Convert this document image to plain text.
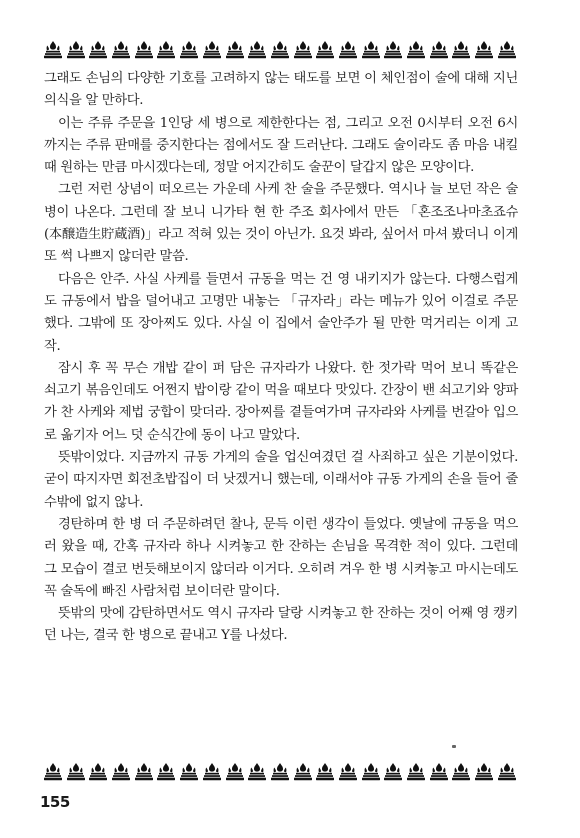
그래도 손님의 다양한 기호를 고려하지 않는 태도를 보면 이 체인점이 술에 대해 지닌 의식을 알 만하다.

이는 주류 주문을 1인당 세 병으로 제한한다는 점, 그리고 오전 0시부터 오전 6시까지는 주류 판매를 중지한다는 점에서도 잘 드러난다. 그래도 술이라도 좀 마음 내킬 때 원하는 만큼 마시겠다는데, 정말 어지간히도 술꾼이 달갑지 않은 모양이다.

그런 저런 상념이 떠오르는 가운데 사케 찬 술을 주문했다. 역시나 늘 보던 작은 술병이 나온다. 그런데 잘 보니 니가타 현 한 주조 회사에서 만든 「혼조조나마초죠슈(本醸造生貯蔵酒)」라고 적혀 있는 것이 아닌가. 요것 봐라, 싶어서 마셔 봤더니 이게 또 썩 나쁘지 않더란 말씀.

다음은 안주. 사실 사케를 들면서 규동을 먹는 건 영 내키지가 않는다. 다행스럽게도 규동에서 밥을 덜어내고 고명만 내놓는 「규자라」라는 메뉴가 있어 이걸로 주문했다. 그밖에 또 장아찌도 있다. 사실 이 집에서 술안주가 될 만한 먹거리는 이게 고작.

잠시 후 꼭 무슨 개밥 같이 퍼 담은 규자라가 나왔다. 한 젓가락 먹어 보니 똑같은 쇠고기 볶음인데도 어쩐지 밥이랑 같이 먹을 때보다 맛있다. 간장이 밴 쇠고기와 양파가 찬 사케와 제법 궁합이 맞더라. 장아찌를 곁들여가며 규자라와 사케를 번갈아 입으로 옮기자 어느 덧 순식간에 동이 나고 말았다.

뜻밖이었다. 지금까지 규동 가게의 술을 업신여겼던 걸 사죄하고 싶은 기분이었다. 굳이 따지자면 회전초밥집이 더 낫겠거니 했는데, 이래서야 규동 가게의 손을 들어 줄 수밖에 없지 않나.

경탄하며 한 병 더 주문하려던 찰나, 문득 이런 생각이 들었다. 옛날에 규동을 먹으러 왔을 때, 간혹 규자라 하나 시켜놓고 한 잔하는 손님을 목격한 적이 있다. 그런데 그 모습이 결코 번듯해보이지 않더라 이거다. 오히려 겨우 한 병 시켜놓고 마시는데도 꼭 술독에 빠진 사람처럼 보이더란 말이다.

뜻밖의 맛에 감탄하면서도 역시 규자라 달랑 시켜놓고 한 잔하는 것이 어째 영 캥키던 나는, 결국 한 병으로 끝내고 Y를 나섰다.

155
